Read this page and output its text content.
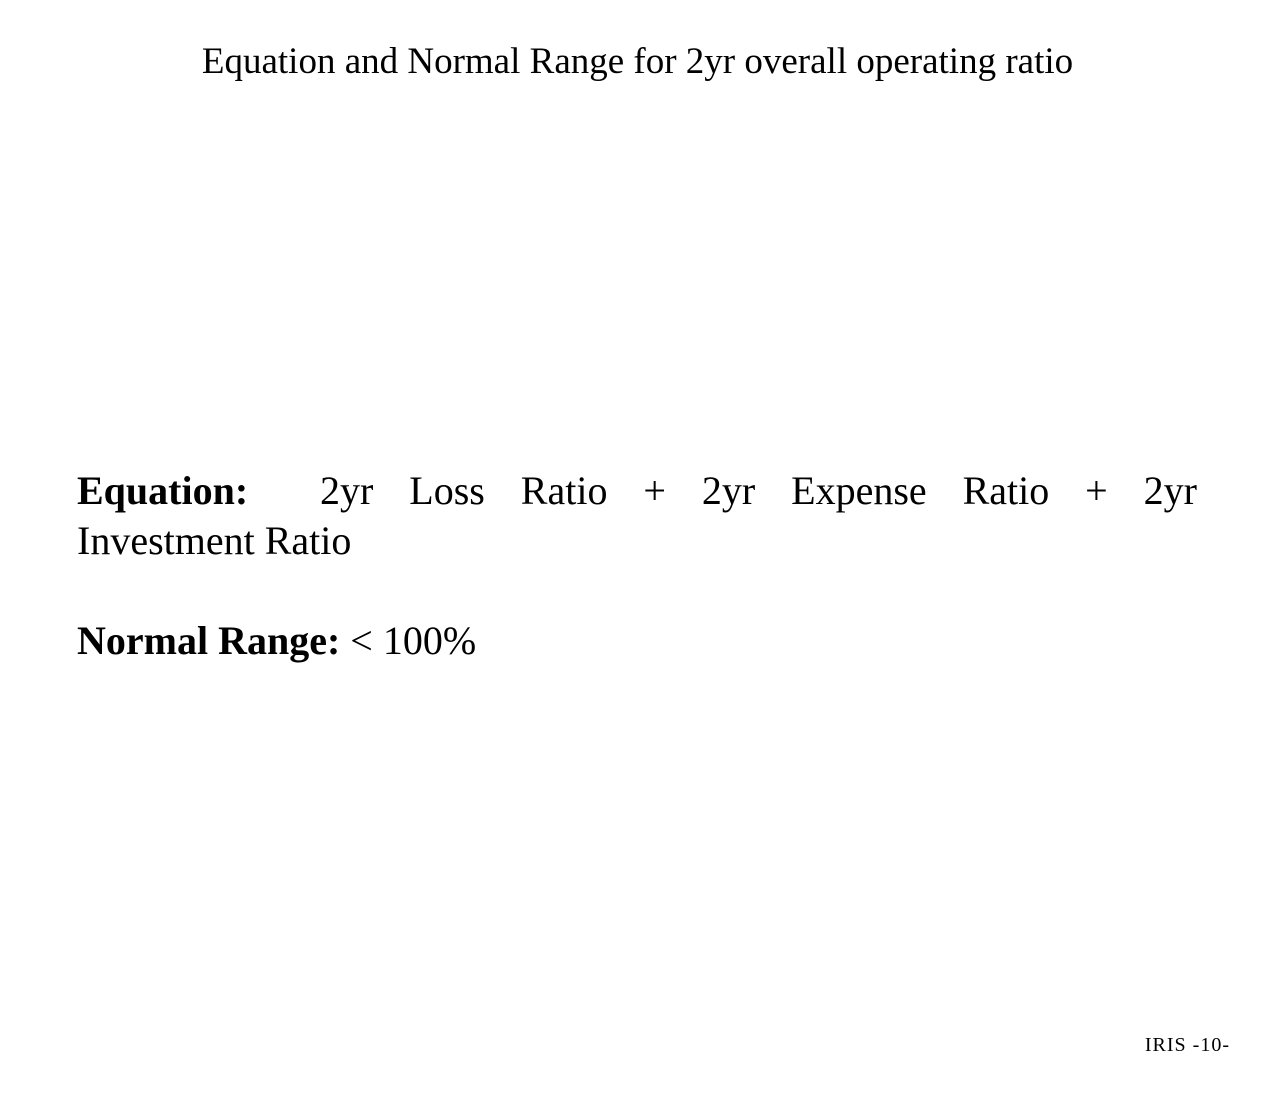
Equation and Normal Range for 2yr overall operating ratio
Equation: 2yr Loss Ratio + 2yr Expense Ratio + 2yr
Investment Ratio
Normal Range: < 100%
IRIS -10-
